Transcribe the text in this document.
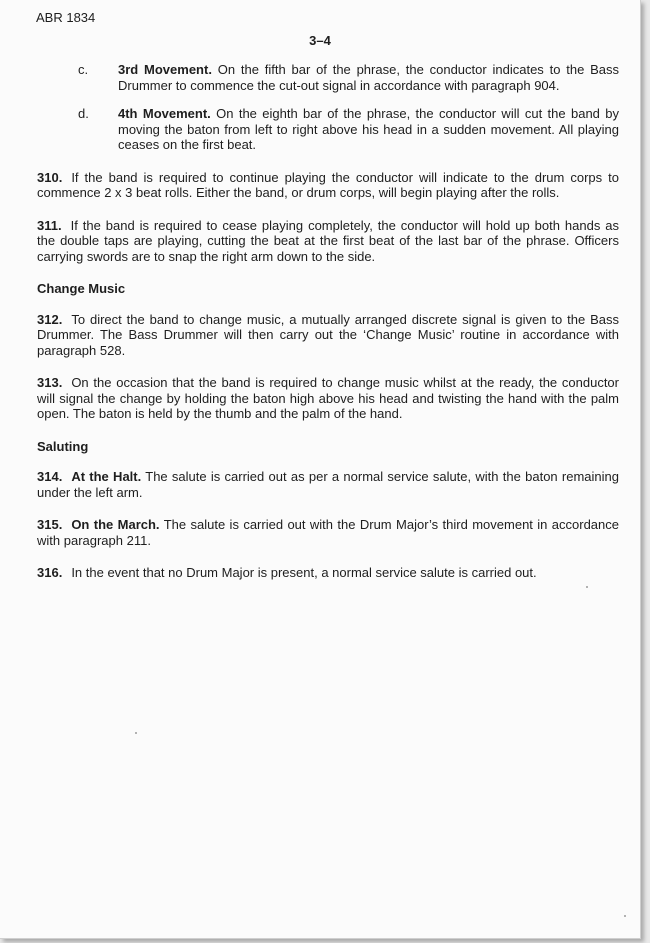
ABR 1834
3–4
c. 3rd Movement. On the fifth bar of the phrase, the conductor indicates to the Bass Drummer to commence the cut-out signal in accordance with paragraph 904.
d. 4th Movement. On the eighth bar of the phrase, the conductor will cut the band by moving the baton from left to right above his head in a sudden movement. All playing ceases on the first beat.

310. If the band is required to continue playing the conductor will indicate to the drum corps to commence 2 x 3 beat rolls. Either the band, or drum corps, will begin playing after the rolls.

311. If the band is required to cease playing completely, the conductor will hold up both hands as the double taps are playing, cutting the beat at the first beat of the last bar of the phrase. Officers carrying swords are to snap the right arm down to the side.

Change Music

312. To direct the band to change music, a mutually arranged discrete signal is given to the Bass Drummer. The Bass Drummer will then carry out the ‘Change Music’ routine in accordance with paragraph 528.

313. On the occasion that the band is required to change music whilst at the ready, the conductor will signal the change by holding the baton high above his head and twisting the hand with the palm open. The baton is held by the thumb and the palm of the hand.

Saluting

314. At the Halt. The salute is carried out as per a normal service salute, with the baton remaining under the left arm.

315. On the March. The salute is carried out with the Drum Major’s third movement in accordance with paragraph 211.

316. In the event that no Drum Major is present, a normal service salute is carried out.
